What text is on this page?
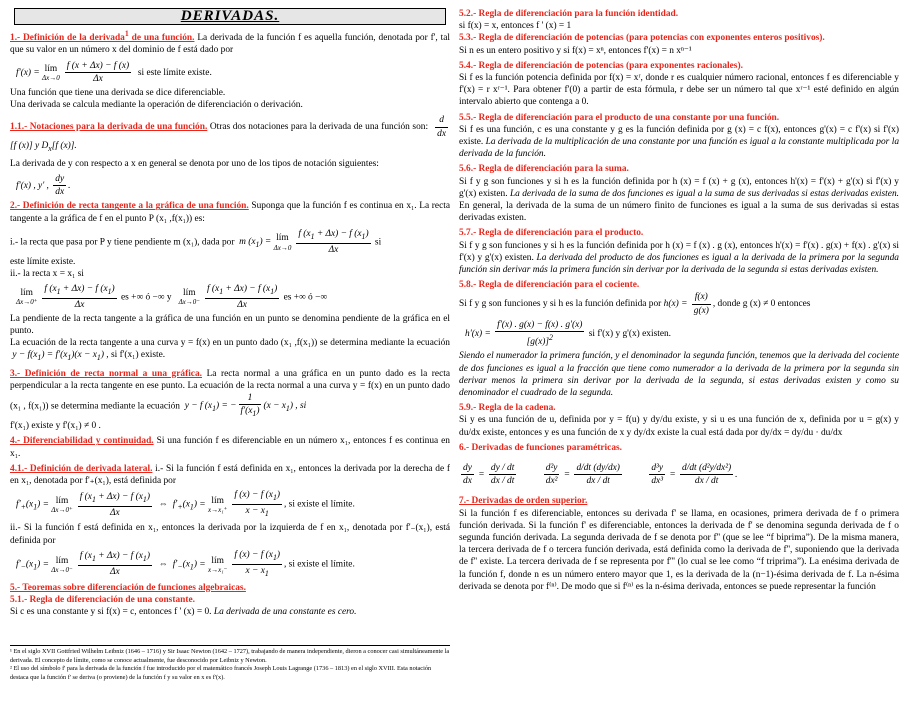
DERIVADAS.

1.- Definición de la derivada$^1$ de una función. La derivada de la función f es aquella función, denotada por f', tal que su valor en un número x del dominio de f está dado por

f'(x) = lím
$\Delta x\to 0 \frac{f (x + \Delta x) - f (x)}{\Delta x}$ si este límite existe.

Una función que tiene una derivada se dice diferenciable.

Una derivada se calcula mediante la operación de diferenciación o derivación.

1.1.- Notaciones para la derivada de una función. Otras dos notaciones para la derivada de una función son: $\frac{d}{dx}$
[f (x)] y $D_x[f$ (x)].

La derivada de y con respecto a x en general se denota por uno de los tipos de notación siguientes:

f'(x) , y' , $\frac{dy}{dx}$ .

2.- Definición de recta tangente a la gráfica de una función. Suponga que la función f es continua en x₁. La recta tangente a la gráfica de f en el punto P (x₁ ,f(x₁)) es:

i.- la recta que pasa por P y tiene pendiente m (x₁), dada por  m $(x_1)$ = lím
$\Delta x\to 0 \frac{f (x_1 + \Delta x) - f (x_1)}{\Delta x}$ si

este límite existe.

ii.- la recta x = x₁ si

lím
$\Delta x\to 0^+ \frac{f (x_1 + \Delta x) - f (x_1)}{\Delta x}$ es +∞ ó −∞ y lím
$\Delta x\to 0^- \frac{f (x_1 + \Delta x) - f (x_1)}{\Delta x}$ es +∞ ó −∞

La pendiente de la recta tangente a la gráfica de una función en un punto se denomina pendiente de la gráfica en el punto.

La ecuación de la recta tangente a una curva y = f(x) en un punto dado (x₁ ,f(x₁)) se determina mediante la ecuación  $y - f(x_1) = f'(x_1)(x - x_1)$ , si f'(x₁) existe.

3.- Definición de recta normal a una gráfica. La recta normal a una gráfica en un punto dado es la recta perpendicular a la recta tangente en ese punto. La ecuación de la recta normal a una curva y = f(x) en un punto dado (x₁ , f(x₁)) se determina mediante la ecuación  y − f $(x_1)$ = − $\frac{1}{f'(x_1)} (x - x_1)$ , si

f'(x₁) existe y f'(x₁) ≠ 0 .

4.- Diferenciabilidad y continuidad. Si una función f es diferenciable en un número x₁, entonces f es continua en x₁.

4.1.- Definición de derivada lateral. i.- Si la función f está definida en x₁, entonces la derivada por la derecha de f en x₁, denotada por f'₊(x₁), está definida por

$f'_+(x_1)$ = lím
$\Delta x\to 0^+ \frac{f (x_1 + \Delta x) - f (x_1)}{\Delta x}$ ⇔  $f'_+(x_1)$ = lím
$x\to x_1^+ \frac{f (x) - f (x_1)}{x - x_1}$ , si existe el límite.

ii.- Si la función f está definida en x₁, entonces la derivada por la izquierda de f en x₁, denotada por f'₋(x₁), está definida por

$f'_-(x_1)$ = lím
$\Delta x\to 0^- \frac{f (x_1 + \Delta x) - f (x_1)}{\Delta x}$ ⇔  $f'_-(x_1)$ = lím
$x\to x_1^- \frac{f (x) - f (x_1)}{x - x_1}$ , si existe el límite.

5.- Teoremas sobre diferenciación de funciones algebraicas.

5.1.- Regla de diferenciación de una constante.

Si c es una constante y si f(x) = c, entonces f ' (x) = 0. La derivada de una constante es cero.

¹ En el siglo XVII Gottfried Wilhelm Leibniz (1646 – 1716) y Sir Isaac Newton (1642 – 1727), trabajando de manera independiente, dieron a conocer casi simultáneamente la derivada. El concepto de límite, como se conoce actualmente, fue desconocido por Leibniz y Newton.
² El uso del símbolo f' para la derivada de la función f fue introducido por el matemático francés Joseph Louis Lagrange (1736 – 1813) en el siglo XVIII. Esta notación destaca que la función f' se deriva (o proviene) de la función f y su valor en x es f'(x).

5.2.- Regla de diferenciación para la función identidad.

si f(x) = x, entonces f ' (x) = 1

5.3.- Regla de diferenciación de potencias (para potencias con exponentes enteros positivos).

Si n es un entero positivo y si f(x) = xⁿ, entonces f'(x) = n xⁿ⁻¹

5.4.- Regla de diferenciación de potencias (para exponentes racionales).

Si f es la función potencia definida por f(x) = xʳ, donde r es cualquier número racional, entonces f es diferenciable y f'(x) = r xʳ⁻¹. Para obtener f'(0) a partir de esta fórmula, r debe ser un número tal que xʳ⁻¹ esté definido en algún intervalo abierto que contenga a 0.

5.5.- Regla de diferenciación para el producto de una constante por una función.

Si f es una función, c es una constante y g es la función definida por g (x) = c f(x), entonces g'(x) = c f'(x) si f'(x) existe. La derivada de la multiplicación de una constante por una función es igual a la constante multiplicada por la derivada de la función.

5.6.- Regla de diferenciación para la suma.

Si f y g son funciones y si h es la función definida por h (x) = f (x) + g (x), entonces h'(x) = f'(x) + g'(x) si f'(x) y g'(x) existen. La derivada de la suma de dos funciones es igual a la suma de sus derivadas si estas derivadas existen. En general, la derivada de la suma de un número finito de funciones es igual a la suma de sus derivadas si estas derivadas existen.

5.7.- Regla de diferenciación para el producto.

Si f y g son funciones y si h es la función definida por h (x) = f (x) . g (x), entonces h'(x) = f'(x) . g(x) + f(x) . g'(x) si f'(x) y g'(x) existen. La derivada del producto de dos funciones es igual a la derivada de la primera por la segunda función sin derivar más la primera función sin derivar por la derivada de la segunda si estas derivadas existen.

5.8.- Regla de diferenciación para el cociente.

Si f y g son funciones y si h es la función definida por $h(x) = \frac{f(x)}{g(x)}$ , donde g (x) ≠ 0 entonces

$h'(x) = \frac{f'(x) . g(x) - f(x) . g'(x)}{[g(x)]^2}$ si f'(x) y g'(x) existen.

Siendo el numerador la primera función, y el denominador la segunda función, tenemos que la derivada del cociente de dos funciones es igual a la fracción que tiene como numerador a la derivada de la primera por la segunda sin derivar menos la primera sin derivar por la derivada de la segunda, si estas derivadas existen y como su denominador el cuadrado de la segunda.

5.9.- Regla de la cadena.

Si y es una función de u, definida por y = f(u) y dy/du existe, y si u es una función de x, definida por u = g(x) y du/dx existe, entonces y es una función de x y dy/dx existe la cual está dada por dy/dx = dy/du · du/dx

6.- Derivadas de funciones paramétricas.

$\frac{dy}{dx} = \frac{dy / dt}{dx / dt}$
	$\frac{\text{d²y}}{\text{dx²}} = \frac{d/dt (dy/dx)}{dx / dt}$
	$\frac{\text{d³y}}{\text{dx³}} = \frac{\text{d/dt (d²y/dx²)}}{dx / dt}$ .

7.- Derivadas de orden superior.

Si la función f es diferenciable, entonces su derivada f' se llama, en ocasiones, primera derivada de f o primera función derivada. Si la función f' es diferenciable, entonces la derivada de f' se denomina segunda derivada de f o segunda función derivada. La segunda derivada de f se denota por f'' (que se lee “f biprima”). De la misma manera, la tercera derivada de f o tercera función derivada, está definida como la derivada de f'', suponiendo que la derivada de f'' existe. La tercera derivada de f se representa por f''' (lo cual se lee como “f triprima”). La enésima derivada de la función f, donde n es un número entero mayor que 1, es la derivada de la (n−1)-ésima derivada de f. La n-ésima derivada se denota por f⁽ⁿ⁾. De modo que si f⁽ⁿ⁾ es la n-ésima derivada, entonces se puede representar la función
